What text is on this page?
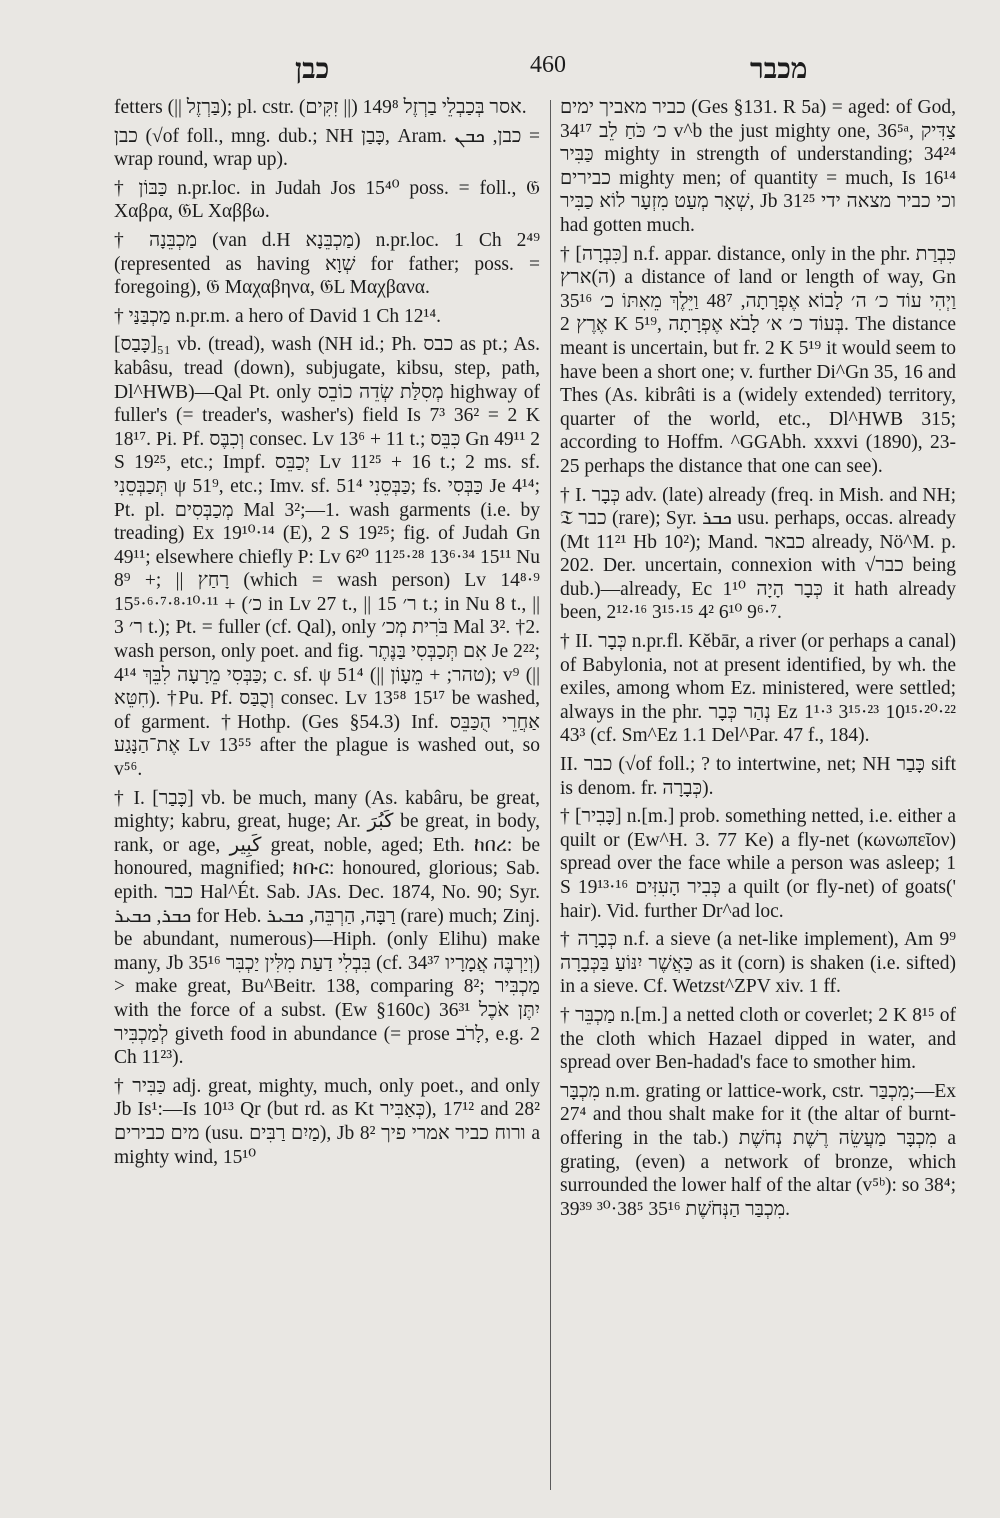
כבן	460	מכבר

fetters (|| בַּרְזֶל); pl. cstr. אסר בְּכַבְלֵי בַרְזֶל 149⁸ (|| זִקִּים).

כבן (√of foll., mng. dub.; NH כָּבַן, Aram. כבן, ܟܒܢ = wrap round, wrap up).

† כַּבּוֹן n.pr.loc. in Judah Jos 15⁴⁰ poss. = foll., 𝔊 Χαβρα, 𝔊L Χαββω.

† מַכְבֵּנָה (van d.H מַכְבֵּנָא) n.pr.loc. 1 Ch 2⁴⁹ (represented as having שְׁוָא for father; poss. = foregoing), 𝔊 Μαχαβηνα, 𝔊L Μαχβανα.

† מַכְבַּנַּי n.pr.m. a hero of David 1 Ch 12¹⁴.

[כָּבַס]₅₁ vb. (tread), wash (NH id.; Ph. כבס as pt.; As. kabâsu, tread (down), subjugate, kibsu, step, path, Dl^HWB)—Qal Pt. only מְסִלַּת שְׂדֵה כוֹבֵס highway of fuller's (= treader's, washer's) field Is 7³ 36² = 2 K 18¹⁷. Pi. Pf. וְכִבֶּס consec. Lv 13⁶ + 11 t.; כִּבֵּס Gn 49¹¹ 2 S 19²⁵, etc.; Impf. יְכַבֵּס Lv 11²⁵ + 16 t.; 2 ms. sf. תְּכַבְּסֵנִי ψ 51⁹, etc.; Imv. sf. כַּבְּסֵנִי 51⁴; fs. כַּבְּסִי Je 4¹⁴; Pt. pl. מְכַבְּסִים Mal 3²;—1. wash garments (i.e. by treading) Ex 19¹⁰·¹⁴ (E), 2 S 19²⁵; fig. of Judah Gn 49¹¹; elsewhere chiefly P: Lv 6²⁰ 11²⁵·²⁸ 13⁶·³⁴ 15¹¹ Nu 8⁹ +; || רָחַץ (which = wash person) Lv 14⁸·⁹ 15⁵·⁶·⁷·⁸·¹⁰·¹¹ + (כ׳ in Lv 27 t., || ר׳ 15 t.; in Nu 8 t., || ר׳ 3 t.); Pt. = fuller (cf. Qal), only בֹּרִית מְכ׳ Mal 3². †2. wash person, only poet. and fig. אִם תְּכַבְּסִי בַּנֶּתֶר Je 2²²; כַּבְּסִי מֵרָעָה לִבֵּךְ 4¹⁴; c. sf. ψ 51⁴ (|| טהר; + מֵעָוֹן); v⁹ (|| חִטֵּא). †Pu. Pf. וְכֻבַּס consec. Lv 13⁵⁸ 15¹⁷ be washed, of garment. †Hothp. (Ges §54.3) Inf. אַחֲרֵי הֻכַּבֵּס אֶת־הַנָּגַע Lv 13⁵⁵ after the plague is washed out, so v⁵⁶.

† I. [כָּבַר] vb. be much, many (As. kabâru, be great, mighty; kabru, great, huge; Ar. كَبُرَ be great, in body, rank, or age, كَبِير great, noble, aged; Eth. ከበረ: be honoured, magnified; ክቡር: honoured, glorious; Sab. epith. כבר Hal^Ét. Sab. JAs. Dec. 1874, No. 90; Syr. ܟܒܪ, ܟܒܝܪ for Heb. רַבָּה, הַרְבֵּה, ܟܒܝܪ (rare) much; Zinj. be abundant, numerous)—Hiph. (only Elihu) make many, Jb 35¹⁶ בִּבְלִי דַעַת מִלִּין יַכְבִּר (cf. וְיַרְבֶּה אֲמָרָיו 34³⁷) > make great, Bu^Beitr. 138, comparing 8²; מַכְבִּיר with the force of a subst. (Ew §160c) 36³¹ יִתֶּן אֹכֶל לְמַכְבִּיר giveth food in abundance (= prose לָרֹב, e.g. 2 Ch 11²³).

† כַּבִּיר adj. great, mighty, much, only poet., and only Jb Is¹:—Is 10¹³ Qr (but rd. as Kt כְּאַבִּיר), 17¹² and 28² מים כבירים (usu. מַיִם רַבִּים), Jb 8² ורוח כביר אמרי פיך a mighty wind, 15¹⁰

כביר מאביך ימים (Ges §131. R 5a) = aged: of God, 34¹⁷ כ׳ כֹּחַ לֵב v^b the just mighty one, 36⁵ᵃ, צַדִּיק כַּבִּיר mighty in strength of understanding; 34²⁴ כבירים mighty men; of quantity = much, Is 16¹⁴ שְׁאָר מְעַט מִזְעָר לוֹא כַבִּיר, Jb 31²⁵ וכי כביר מצאה ידי had gotten much.

† [כִּבְרָה] n.f. appar. distance, only in the phr. כִּבְרַת (ה)ארץ a distance of land or length of way, Gn 35¹⁶ וַיְהִי עוֹד כ׳ ה׳ לָבוֹא אֶפְרָתָה, 48⁷ וַיֵּלֶךְ מֵאִתּוֹ כ׳ אֶרֶץ 2 K 5¹⁹, בְּעוֹד כ׳ א׳ לָבֹא אֶפְרָתָה. The distance meant is uncertain, but fr. 2 K 5¹⁹ it would seem to have been a short one; v. further Di^Gn 35, 16 and Thes (As. kibrâti is a (widely extended) territory, quarter of the world, etc., Dl^HWB 315; according to Hoffm. ^GGAbh. xxxvi (1890), 23-25 perhaps the distance that one can see).

† I. כְּבָר adv. (late) already (freq. in Mish. and NH; 𝔗 כבר (rare); Syr. ܟܒܪ usu. perhaps, occas. already (Mt 11²¹ Hb 10²); Mand. כבאר already, Nö^M. p. 202. Der. uncertain, connexion with √כבר being dub.)—already, Ec 1¹⁰ כְּבָר הָיָה it hath already been, 2¹²·¹⁶ 3¹⁵·¹⁵ 4² 6¹⁰ 9⁶·⁷.

† II. כְּבָר n.pr.fl. Kĕbār, a river (or perhaps a canal) of Babylonia, not at present identified, by wh. the exiles, among whom Ez. ministered, were settled; always in the phr. נְהַר כְּבָר Ez 1¹·³ 3¹⁵·²³ 10¹⁵·²⁰·²² 43³ (cf. Sm^Ez 1.1 Del^Par. 47 f., 184).

II. כבר (√of foll.; ? to intertwine, net; NH כָּבַר sift is denom. fr. כְּבָרָה).

† [כָּבִיר] n.[m.] prob. something netted, i.e. either a quilt or (Ew^H. 3. 77 Ke) a fly-net (κωνωπεῖον) spread over the face while a person was asleep; 1 S 19¹³·¹⁶ כְּבִיר הָעִזִּים a quilt (or fly-net) of goats(' hair). Vid. further Dr^ad loc.

† כְּבָרָה n.f. a sieve (a net-like implement), Am 9⁹ כַּאֲשֶׁר יִנּוֹעַ בַּכְּבָרָה as it (corn) is shaken (i.e. sifted) in a sieve. Cf. Wetzst^ZPV xiv. 1 ff.

† מַכְבֵּר n.[m.] a netted cloth or coverlet; 2 K 8¹⁵ of the cloth which Hazael dipped in water, and spread over Ben-hadad's face to smother him.

מִכְבָּר n.m. grating or lattice-work, cstr. מִכְבַּר;—Ex 27⁴ and thou shalt make for it (the altar of burnt-offering in the tab.) מִכְבָּר מַעֲשֵׂה רֶשֶׁת נְחֹשֶׁת a grating, (even) a network of bronze, which surrounded the lower half of the altar (v⁵ᵇ): so 38⁴; מִכְבַּר הַנְּחֹשֶׁת 35¹⁶ 38⁵·³⁰ 39³⁹.
